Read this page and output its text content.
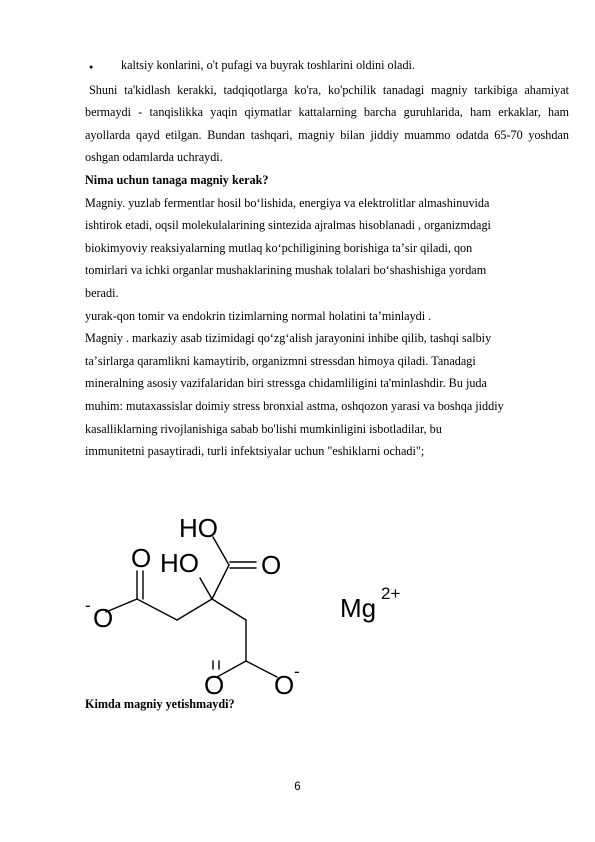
●	kaltsiy konlarini, o't pufagi va buyrak toshlarini oldini oladi.

Shuni ta'kidlash kerakki, tadqiqotlarga ko'ra, ko'pchilik tanadagi magniy tarkibiga ahamiyat bermaydi - tanqislikka yaqin qiymatlar kattalarning barcha guruhlarida, ham erkaklar, ham ayollarda qayd etilgan. Bundan tashqari, magniy bilan jiddiy muammo odatda 65-70 yoshdan oshgan odamlarda uchraydi.

Nima uchun tanaga magniy kerak?

Magniy. yuzlab fermentlar hosil boʻlishida, energiya va elektrolitlar almashinuvida

ishtirok etadi, oqsil molekulalarining sintezida ajralmas hisoblanadi , organizmdagi

biokimyoviy reaksiyalarning mutlaq koʻpchiligining borishiga taʼsir qiladi, qon

tomirlari va ichki organlar mushaklarining mushak tolalari boʻshashishiga yordam

beradi.

yurak-qon tomir va endokrin tizimlarning normal holatini taʼminlaydi .

Magniy . markaziy asab tizimidagi qoʻzgʻalish jarayonini inhibe qilib, tashqi salbiy

taʼsirlarga qaramlikni kamaytirib, organizmni stressdan himoya qiladi. Tanadagi

mineralning asosiy vazifalaridan biri stressga chidamliligini ta'minlashdir. Bu juda

muhim: mutaxassislar doimiy stress bronxial astma, oshqozon yarasi va boshqa jiddiy

kasalliklarning rivojlanishiga sabab bo'lishi mumkinligini isbotladilar, bu

immunitetni pasaytiradi, turli infektsiyalar uchun "eshiklarni ochadi";

HO
HO
O	O
O
O O
Mg
-
-
2+

Kimda magniy yetishmaydi?

6
